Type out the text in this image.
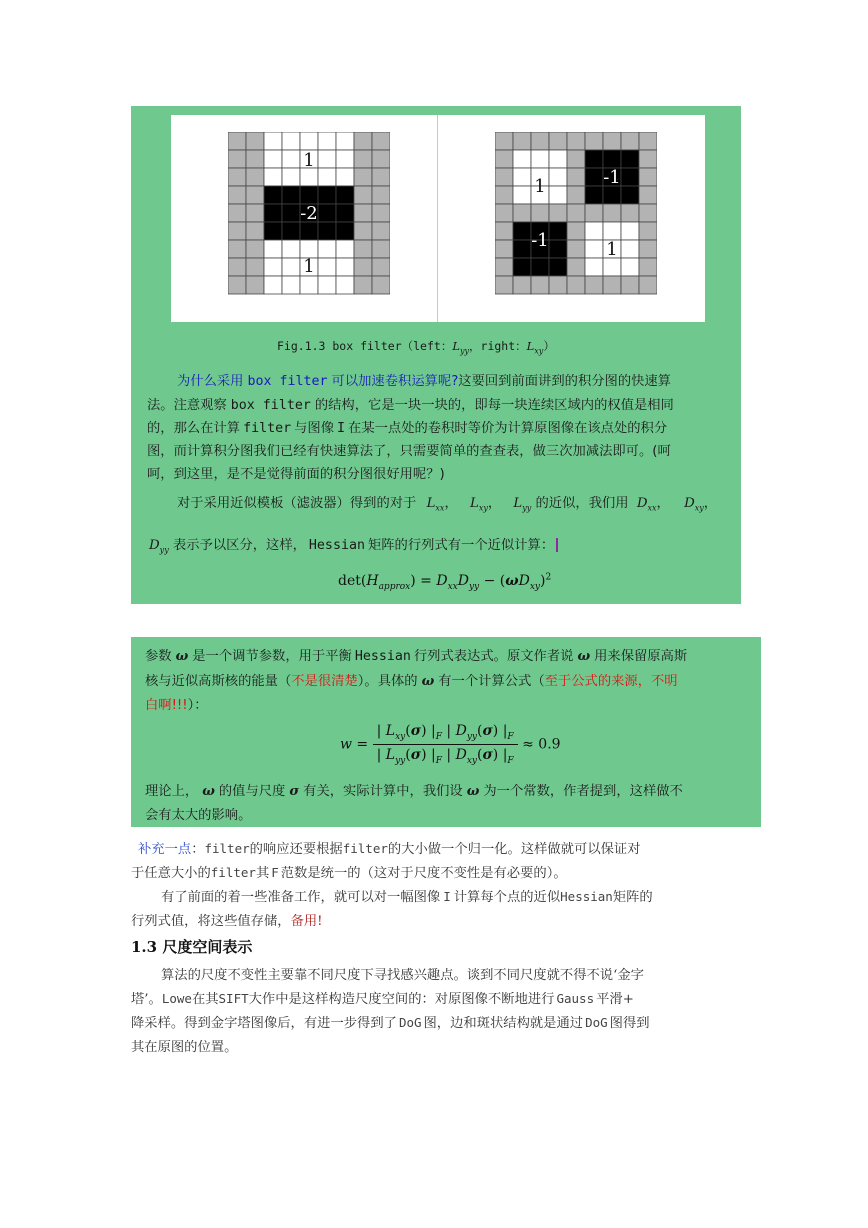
1
-2
1
1	-1
-1	1
Fig.1.3 box filter（left：$L_{yy}$，right：$L_{xy}$）
为什么采用 box filter 可以加速卷积运算呢?这要回到前面讲到的积分图的快速算
法。注意观察 box filter 的结构，它是一块一块的，即每一块连续区域内的权值是相同
的，那么在计算 filter 与图像 I 在某一点处的卷积时等价为计算原图像在该点处的积分
图，而计算积分图我们已经有快速算法了，只需要简单的查查表，做三次加减法即可。(呵
呵，到这里，是不是觉得前面的积分图很好用呢？)
对于采用近似模板（滤波器）得到的对于 $L_{xx}$， $L_{xy}$， $L_{yy}$ 的近似，我们用 $D_{xx}$， $D_{xy}$，
$D_{yy}$ 表示予以区分，这样， Hessian 矩阵的行列式有一个近似计算：
$\det(H_{approx}) = D_{xx}D_{yy} - (\omega D_{xy})^2$
参数 ω 是一个调节参数，用于平衡 Hessian 行列式表达式。原文作者说 ω 用来保留原高斯
核与近似高斯核的能量（不是很清楚）。具体的 ω 有一个计算公式（至于公式的来源，不明
白啊!!!）：
$w = \frac{| L_{xy}(\sigma) |_F | D_{yy}(\sigma) |_F}{| L_{yy}(\sigma) |_F | D_{xy}(\sigma) |_F} \approx 0.9$
理论上， ω 的值与尺度 σ 有关，实际计算中，我们设 ω 为一个常数，作者提到，这样做不
会有太大的影响。
补充一点：filter的响应还要根据filter的大小做一个归一化。这样做就可以保证对
于任意大小的filter其 F 范数是统一的（这对于尺度不变性是有必要的）。
有了前面的着一些准备工作，就可以对一幅图像 I 计算每个点的近似Hessian矩阵的
行列式值，将这些值存储，备用!
1.3 尺度空间表示
算法的尺度不变性主要靠不同尺度下寻找感兴趣点。谈到不同尺度就不得不说‘金字
塔’。Lowe在其SIFT大作中是这样构造尺度空间的：对原图像不断地进行 Gauss 平滑+
降采样。得到金字塔图像后，有进一步得到了 DoG 图，边和斑状结构就是通过 DoG 图得到
其在原图的位置。
